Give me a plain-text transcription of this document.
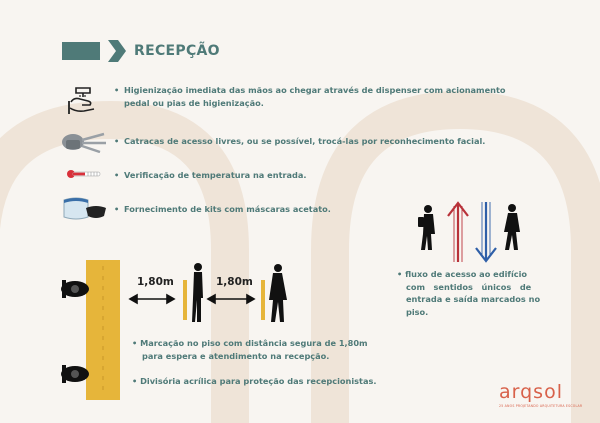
RECEPÇÃO
• Higienização imediata das mãos ao chegar através de dispenser com acionamento
pedal ou pias de higienização.
• Catracas de acesso livres, ou se possível, trocá-las por reconhecimento facial.
• Verificação de temperatura na entrada.
• Fornecimento de kits com máscaras acetato.
• fluxo de acesso ao edifício
com   sentidos   únicos   de
entrada e saída marcados no
piso.
1,80m	1,80m
• Marcação no piso com distância segura de 1,80m
para espera e atendimento na recepção.
• Divisória acrílica para proteção das recepcionistas.	arqsol
25 ANOS PROJETANDO ARQUITETURA ESCOLAR
